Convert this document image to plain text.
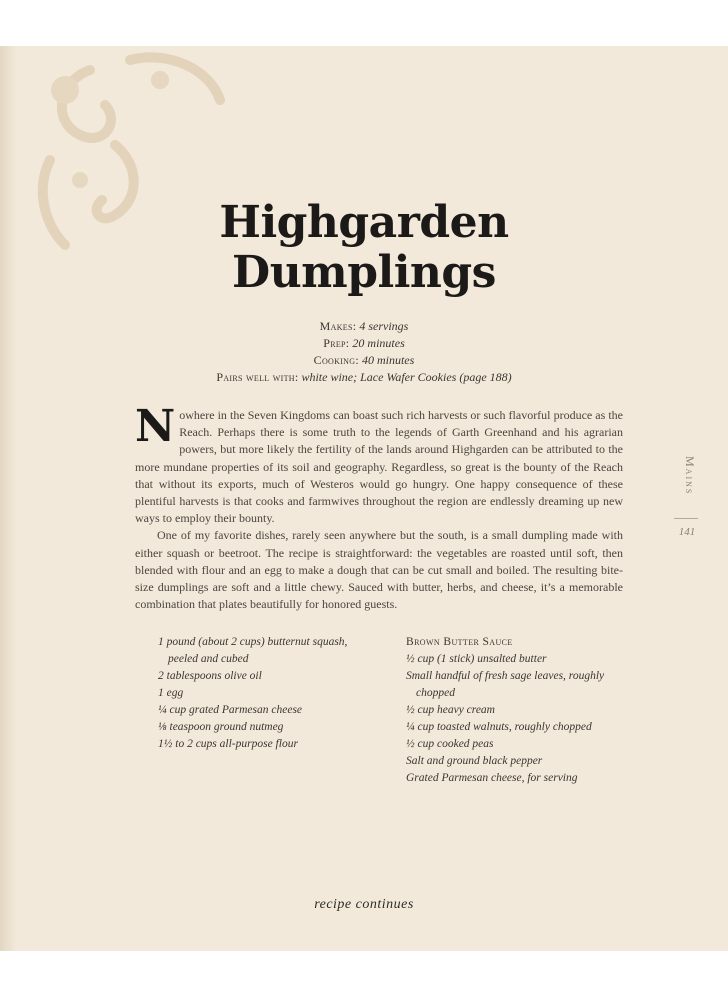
Highgarden
Dumplings
Makes: 4 servings
Prep: 20 minutes
Cooking: 40 minutes
Pairs well with: white wine; Lace Wafer Cookies (page 188)

Nowhere in the Seven Kingdoms can boast such rich harvests or such flavorful produce as the Reach. Perhaps there is some truth to the legends of Garth Greenhand and his agrarian powers, but more likely the fertility of the lands around Highgarden can be attributed to the more mundane properties of its soil and geography. Regardless, so great is the bounty of the Reach that without its exports, much of Westeros would go hungry. One happy consequence of these plentiful harvests is that cooks and farmwives throughout the region are endlessly dreaming up new ways to employ their bounty.

One of my favorite dishes, rarely seen anywhere but the south, is a small dumpling made with either squash or beetroot. The recipe is straightforward: the vegetables are roasted until soft, then blended with flour and an egg to make a dough that can be cut small and boiled. The resulting bite-size dumplings are soft and a little chewy. Sauced with butter, herbs, and cheese, it’s a memorable combination that plates beautifully for honored guests.

Mains
141
1 pound (about 2 cups) butternut squash, peeled and cubed
2 tablespoons olive oil
1 egg
¼ cup grated Parmesan cheese
⅛ teaspoon ground nutmeg
1½ to 2 cups all-purpose flour
Brown Butter Sauce
½ cup (1 stick) unsalted butter
Small handful of fresh sage leaves, roughly chopped
½ cup heavy cream
¼ cup toasted walnuts, roughly chopped
½ cup cooked peas
Salt and ground black pepper
Grated Parmesan cheese, for serving
recipe continues
